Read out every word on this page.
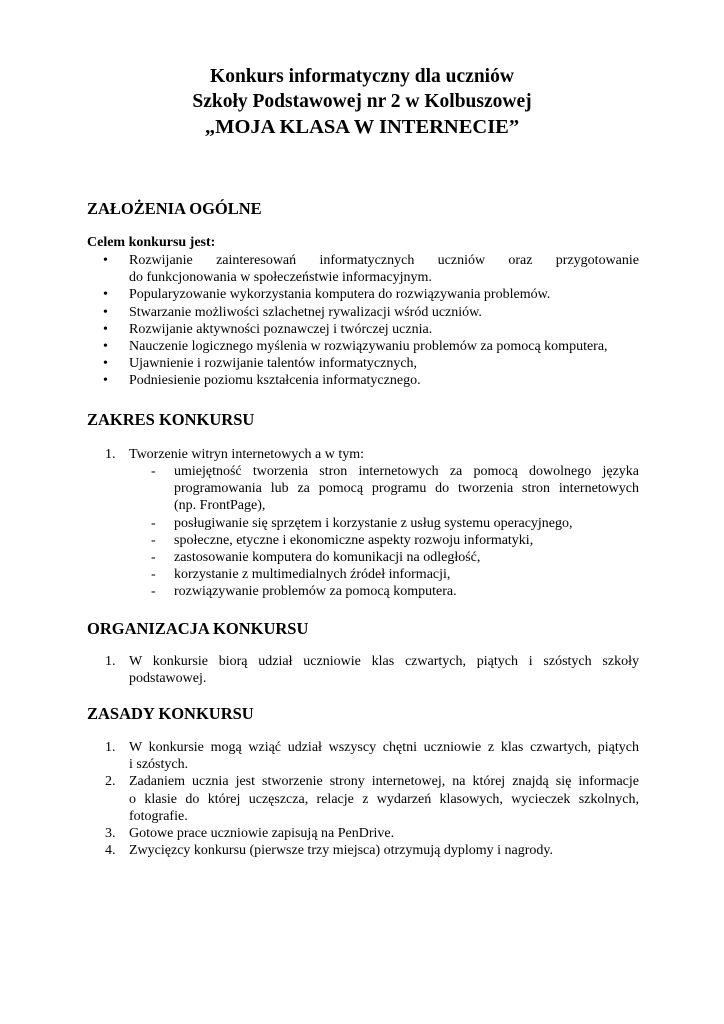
Konkurs informatyczny dla uczniów
Szkoły Podstawowej nr 2 w Kolbuszowej
„MOJA KLASA W INTERNECIE”
ZAŁOŻENIA OGÓLNE
Celem konkursu jest:
• Rozwijanie zainteresowań informatycznych uczniów oraz przygotowanie
do funkcjonowania w społeczeństwie informacyjnym.
• Popularyzowanie wykorzystania komputera do rozwiązywania problemów.
• Stwarzanie możliwości szlachetnej rywalizacji wśród uczniów.
• Rozwijanie aktywności poznawczej i twórczej ucznia.
• Nauczenie logicznego myślenia w rozwiązywaniu problemów za pomocą komputera,
• Ujawnienie i rozwijanie talentów informatycznych,
• Podniesienie poziomu kształcenia informatycznego.
ZAKRES KONKURSU
1. Tworzenie witryn internetowych a w tym:
- umiejętność tworzenia stron internetowych za pomocą dowolnego języka
programowania lub za pomocą programu do tworzenia stron internetowych
(np. FrontPage),
- posługiwanie się sprzętem i korzystanie z usług systemu operacyjnego,
- społeczne, etyczne i ekonomiczne aspekty rozwoju informatyki,
- zastosowanie komputera do komunikacji na odległość,
- korzystanie z multimedialnych źródeł informacji,
- rozwiązywanie problemów za pomocą komputera.
ORGANIZACJA KONKURSU
1. W konkursie biorą udział uczniowie klas czwartych, piątych i szóstych szkoły
podstawowej.
ZASADY KONKURSU
1. W konkursie mogą wziąć udział wszyscy chętni uczniowie z klas czwartych, piątych
i szóstych.
2. Zadaniem ucznia jest stworzenie strony internetowej, na której znajdą się informacje
o klasie do której uczęszcza, relacje z wydarzeń klasowych, wycieczek szkolnych,
fotografie.
3. Gotowe prace uczniowie zapisują na PenDrive.
4. Zwycięzcy konkursu (pierwsze trzy miejsca) otrzymują dyplomy i nagrody.
